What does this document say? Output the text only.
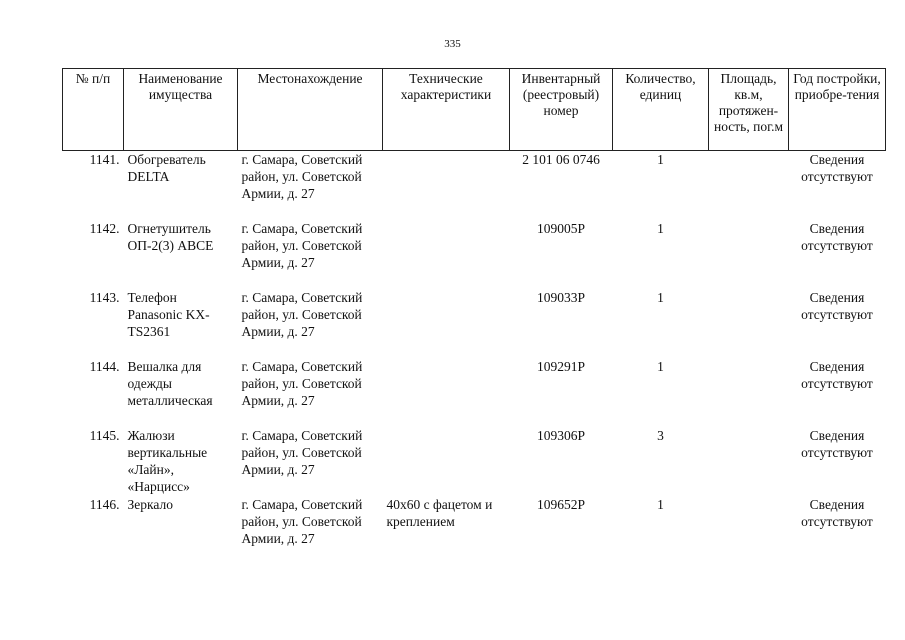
335
№ п/п	Наименование имущества	Местонахождение	Технические характеристики	Инвентарный (реестровый) номер	Количество, единиц	Площадь, кв.м, протяжен-ность, пог.м	Год постройки, приобре-тения
1141.	Обогреватель DELTA	г. Самара, Советский район, ул. Советской Армии, д. 27		2 101 06 0746	1		Сведения отсутствуют
1142.	Огнетушитель ОП-2(3) АВСЕ	г. Самара, Советский район, ул. Советской Армии, д. 27		109005Р	1		Сведения отсутствуют
1143.	Телефон Panasonic KX-TS2361	г. Самара, Советский район, ул. Советской Армии, д. 27		109033Р	1		Сведения отсутствуют
1144.	Вешалка для одежды металлическая	г. Самара, Советский район, ул. Советской Армии, д. 27		109291Р	1		Сведения отсутствуют
1145.	Жалюзи вертикальные «Лайн», «Нарцисс»	г. Самара, Советский район, ул. Советской Армии, д. 27		109306Р	3		Сведения отсутствуют
1146.	Зеркало	г. Самара, Советский район, ул. Советской Армии, д. 27	40х60 с фацетом и креплением	109652Р	1		Сведения отсутствуют
